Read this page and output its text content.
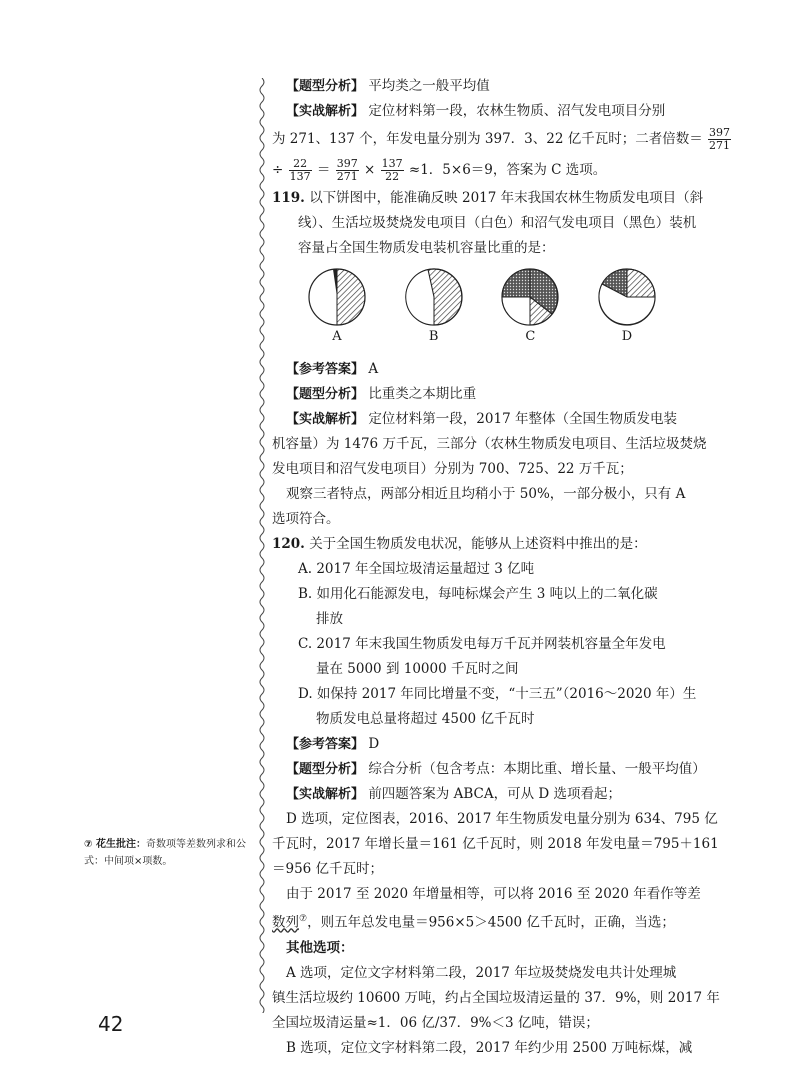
【题型分析】 平均类之一般平均值
【实战解析】 定位材料第一段，农林生物质、沼气发电项目分别
为 271、137 个，年发电量分别为 397．3、22 亿千瓦时；二者倍数＝ $\frac{397}{271}$
÷ $\frac{22}{137} = \frac{397}{271} \times \frac{137}{22} \approx 1$．5×6＝9，答案为 C 选项。
119. 以下饼图中，能准确反映 2017 年末我国农林生物质发电项目（斜
线）、生活垃圾焚烧发电项目（白色）和沼气发电项目（黑色）装机
容量占全国生物质发电装机容量比重的是：
A	B	C	D
【参考答案】 A
【题型分析】 比重类之本期比重
【实战解析】 定位材料第一段，2017 年整体（全国生物质发电装
机容量）为 1476 万千瓦，三部分（农林生物质发电项目、生活垃圾焚烧
发电项目和沼气发电项目）分别为 700、725、22 万千瓦；
观察三者特点，两部分相近且均稍小于 50%，一部分极小，只有 A
选项符合。
120. 关于全国生物质发电状况，能够从上述资料中推出的是：
A. 2017 年全国垃圾清运量超过 3 亿吨
B. 如用化石能源发电，每吨标煤会产生 3 吨以上的二氧化碳
排放
C. 2017 年末我国生物质发电每万千瓦并网装机容量全年发电
量在 5000 到 10000 千瓦时之间
D. 如保持 2017 年同比增量不变，“十三五”（2016～2020 年）生
物质发电总量将超过 4500 亿千瓦时
【参考答案】 D
【题型分析】 综合分析（包含考点：本期比重、增长量、一般平均值）
【实战解析】 前四题答案为 ABCA，可从 D 选项看起；
D 选项，定位图表，2016、2017 年生物质发电量分别为 634、795 亿
千瓦时，2017 年增长量＝161 亿千瓦时，则 2018 年发电量＝795＋161
＝956 亿千瓦时；
由于 2017 至 2020 年增量相等，可以将 2016 至 2020 年看作等差
数列⑦，则五年总发电量＝956×5＞4500 亿千瓦时，正确，当选；
其他选项：
A 选项，定位文字材料第二段，2017 年垃圾焚烧发电共计处理城
镇生活垃圾约 10600 万吨，约占全国垃圾清运量的 37．9%，则 2017 年
全国垃圾清运量≈1．06 亿/37．9%＜3 亿吨，错误；
B 选项，定位文字材料第二段，2017 年约少用 2500 万吨标煤，减
⑦ 花生批注：奇数项等差数列求和公式：中间项×项数。
42
